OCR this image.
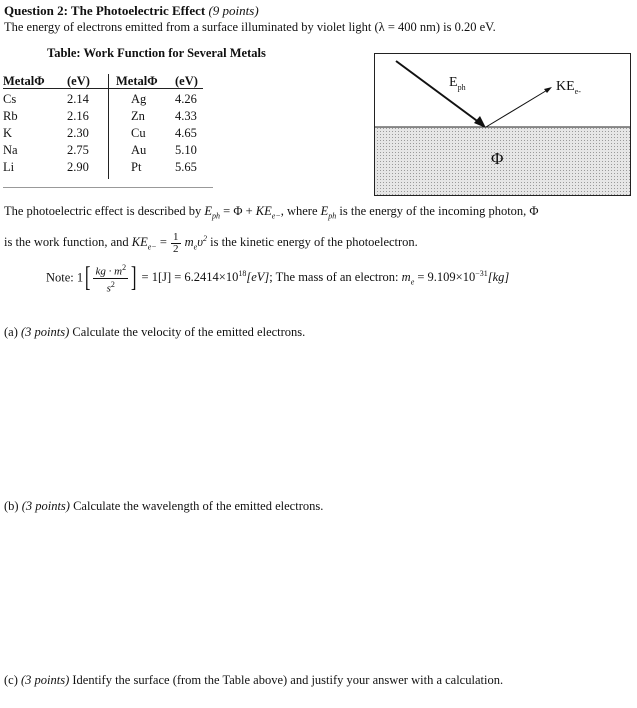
Question 2: The Photoelectric Effect (9 points)
The energy of electrons emitted from a surface illuminated by violet light (λ = 400 nm) is 0.20 eV.
Table: Work Function for Several Metals
MetalΦ (eV) MetalΦ (eV)
Cs	2.14	Ag 4.26
Rb	2.16	Zn 4.33
K	2.30	Cu 4.65
Na	2.75	Au 5.10
Li	2.90	Pt	5.65
$E_{ph}$	$KE_{e-}$
Φ
The photoelectric effect is described by $E_{ph} = \Phi + KE_{e-}$, where $E_{ph}$ is the energy of the incoming photon, Φ
is the work function, and $KE_{e-} = \frac{1}{2} m_e\upsilon^2$ is the kinetic energy of the photoelectron.
Note: $1[ \frac{kg \cdot m^2}{s^2}$ ] = $1[J] = 6.2414\times 10^{18}[eV]$; The mass of an electron: $m_e = 9.109\times 10^{-31}[kg]$
(a) (3 points) Calculate the velocity of the emitted electrons.
(b) (3 points) Calculate the wavelength of the emitted electrons.
(c) (3 points) Identify the surface (from the Table above) and justify your answer with a calculation.
